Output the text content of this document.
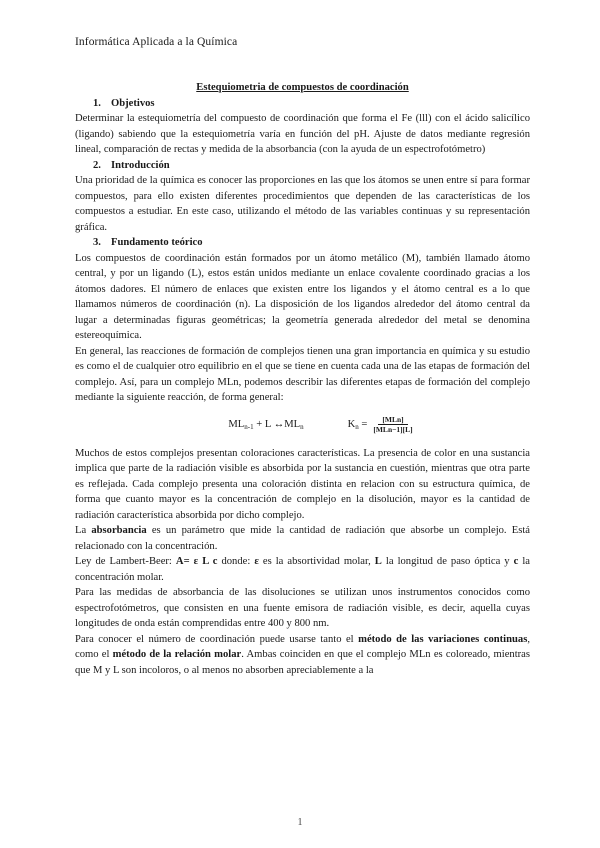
Informática Aplicada a la Química
Estequiometria de compuestos de coordinación
1. Objetivos

Determinar la estequiometría del compuesto de coordinación que forma el Fe (lll) con el ácido salicílico (ligando) sabiendo que la estequiometría varía en función del pH. Ajuste de datos mediante regresión lineal, comparación de rectas y medida de la absorbancia (con la ayuda de un espectrofotómetro)

2. Introducción

Una prioridad de la química es conocer las proporciones en las que los átomos se unen entre sí para formar compuestos, para ello existen diferentes procedimientos que dependen de las características de los compuestos a estudiar. En este caso, utilizando el método de las variables continuas y su representación gráfica.

3. Fundamento teórico

Los compuestos de coordinación están formados por un átomo metálico (M), también llamado átomo central, y por un ligando (L), estos están unidos mediante un enlace covalente coordinado gracias a los átomos dadores. El número de enlaces que existen entre los ligandos y el átomo central es a lo que llamamos números de coordinación (n). La disposición de los ligandos alrededor del átomo central da lugar a determinadas figuras geométricas; la geometría generada alrededor del metal se denomina estereoquímica.

En general, las reacciones de formación de complejos tienen una gran importancia en química y su estudio es como el de cualquier otro equilibrio en el que se tiene en cuenta cada una de las etapas de formación del complejo. Así, para un complejo MLn, podemos describir las diferentes etapas de formación del complejo mediante la siguiente reacción, de forma general:

$ML_{n-1} + L$ $\leftrightarrow ML_n$	$K_n = \frac{\text{[MLn]}}{\text{[MLn−1][L]}}$

Muchos de estos complejos presentan coloraciones características. La presencia de color en una sustancia implica que parte de la radiación visible es absorbida por la sustancia en cuestión, mientras que otra parte es reflejada. Cada complejo presenta una coloración distinta en relacion con su estructura química, de forma que cuanto mayor es la concentración de complejo en la disolución, mayor es la cantidad de radiación característica absorbida por dicho complejo.

La absorbancia es un parámetro que mide la cantidad de radiación que absorbe un complejo. Está relacionado con la concentración.

Ley de Lambert-Beer: A= ε L c donde: ε es la absortividad molar, L la longitud de paso óptica y c la concentración molar.

Para las medidas de absorbancia de las disoluciones se utilizan unos instrumentos conocidos como espectrofotómetros, que consisten en una fuente emisora de radiación visible, es decir, aquella cuyas longitudes de onda están comprendidas entre 400 y 800 nm.

Para conocer el número de coordinación puede usarse tanto el método de las variaciones continuas, como el método de la relación molar. Ambas coinciden en que el complejo MLn es coloreado, mientras que M y L son incoloros, o al menos no absorben apreciablemente a la

1
